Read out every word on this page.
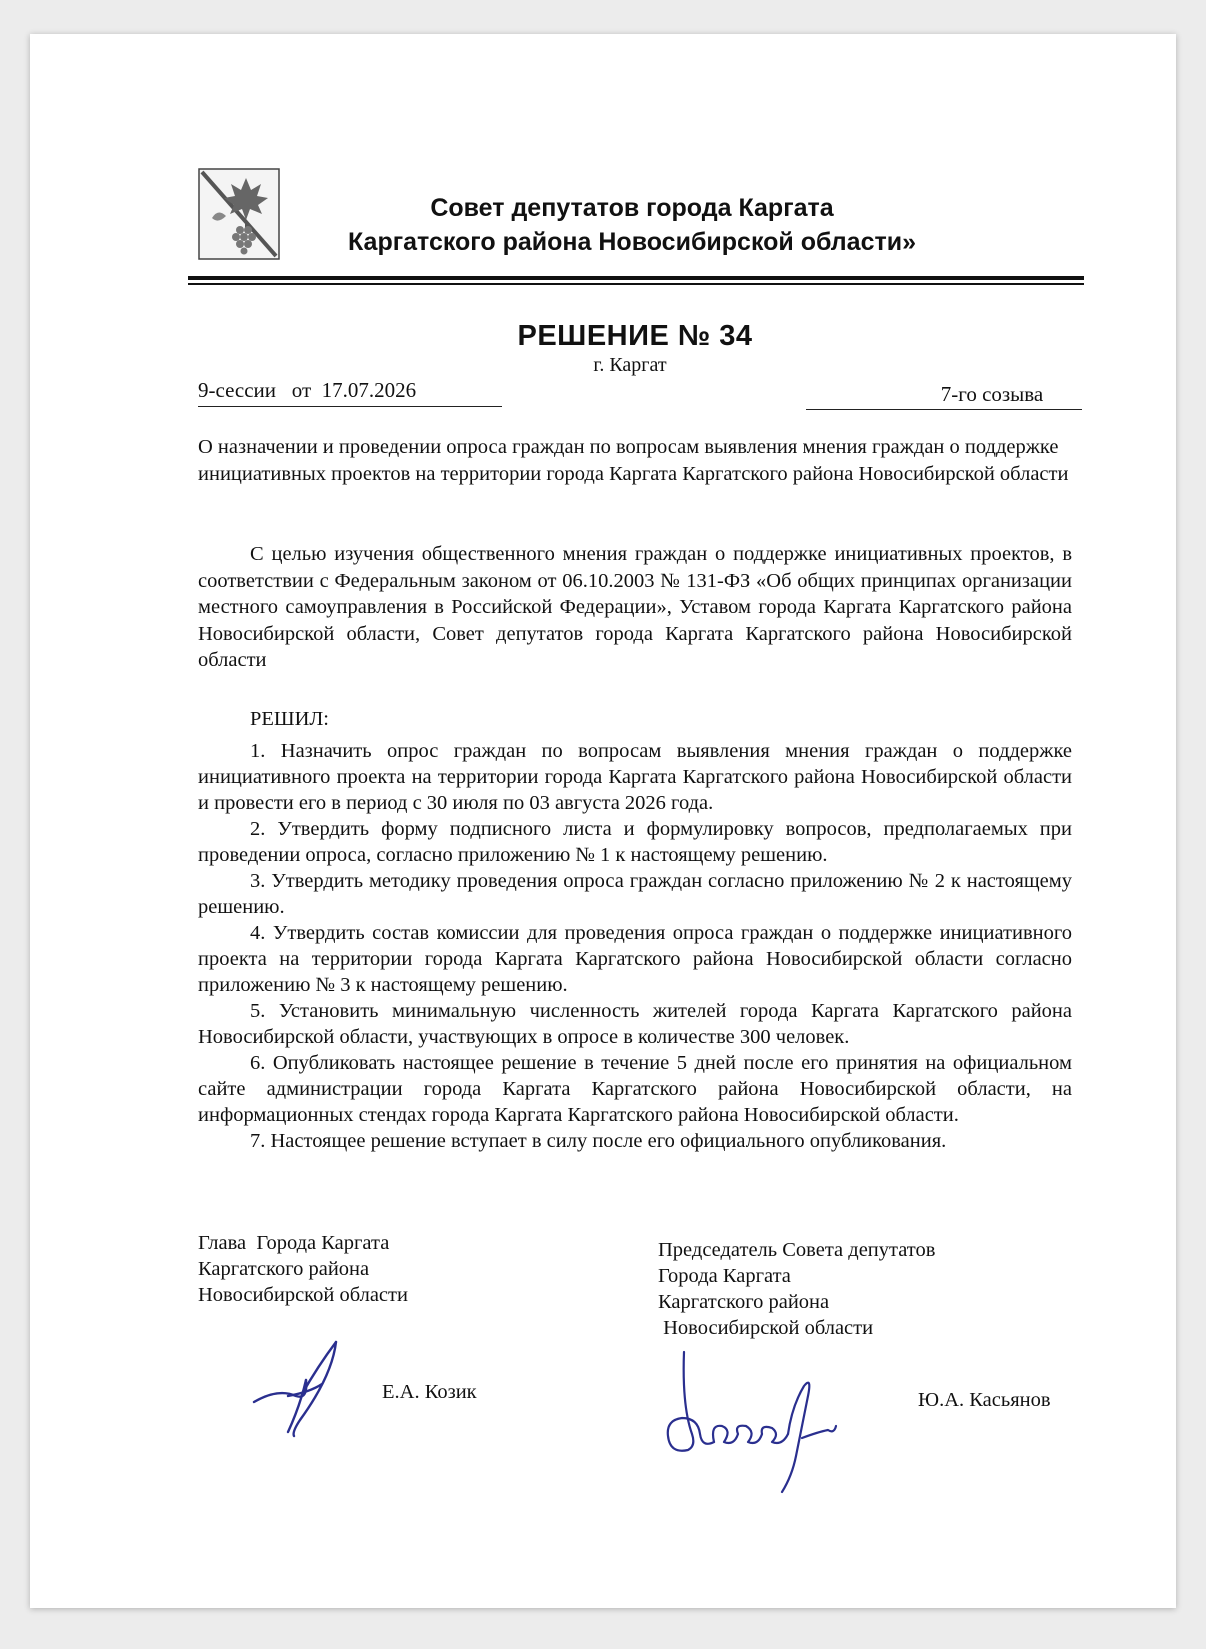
Совет депутатов города Каргата
Каргатского района Новосибирской области»
РЕШЕНИЕ № 34
г. Каргат
9-сессии   от  17.07.2026	7-го созыва
О назначении и проведении опроса граждан по вопросам выявления мнения граждан о поддержке инициативных проектов на территории города Каргата Каргатского района Новосибирской области
С целью изучения общественного мнения граждан о поддержке инициативных проектов, в соответствии с Федеральным законом от 06.10.2003 № 131-ФЗ «Об общих принципах организации местного самоуправления в Российской Федерации», Уставом города Каргата Каргатского района Новосибирской области, Совет депутатов города Каргата Каргатского района Новосибирской области
РЕШИЛ:
1. Назначить опрос граждан по вопросам выявления мнения граждан о поддержке инициативного проекта на территории города Каргата Каргатского района Новосибирской области и провести его в период с 30 июля по 03 августа 2026 года.
2. Утвердить форму подписного листа и формулировку вопросов, предполагаемых при проведении опроса, согласно приложению № 1 к настоящему решению.
3. Утвердить методику проведения опроса граждан согласно приложению № 2 к настоящему решению.
4. Утвердить состав комиссии для проведения опроса граждан о поддержке инициативного проекта на территории города Каргата Каргатского района Новосибирской области согласно приложению № 3 к настоящему решению.
5. Установить минимальную численность жителей города Каргата Каргатского района Новосибирской области, участвующих в опросе в количестве 300 человек.
6. Опубликовать настоящее решение в течение 5 дней после его принятия на официальном сайте администрации города Каргата Каргатского района Новосибирской области, на информационных стендах города Каргата Каргатского района Новосибирской области.
7. Настоящее решение вступает в силу после его официального опубликования.
Глава  Города Каргата
Каргатского района
Новосибирской области
Председатель Совета депутатов
Города Каргата
Каргатского района
Новосибирской области
Е.А. Козик	Ю.А. Касьянов
